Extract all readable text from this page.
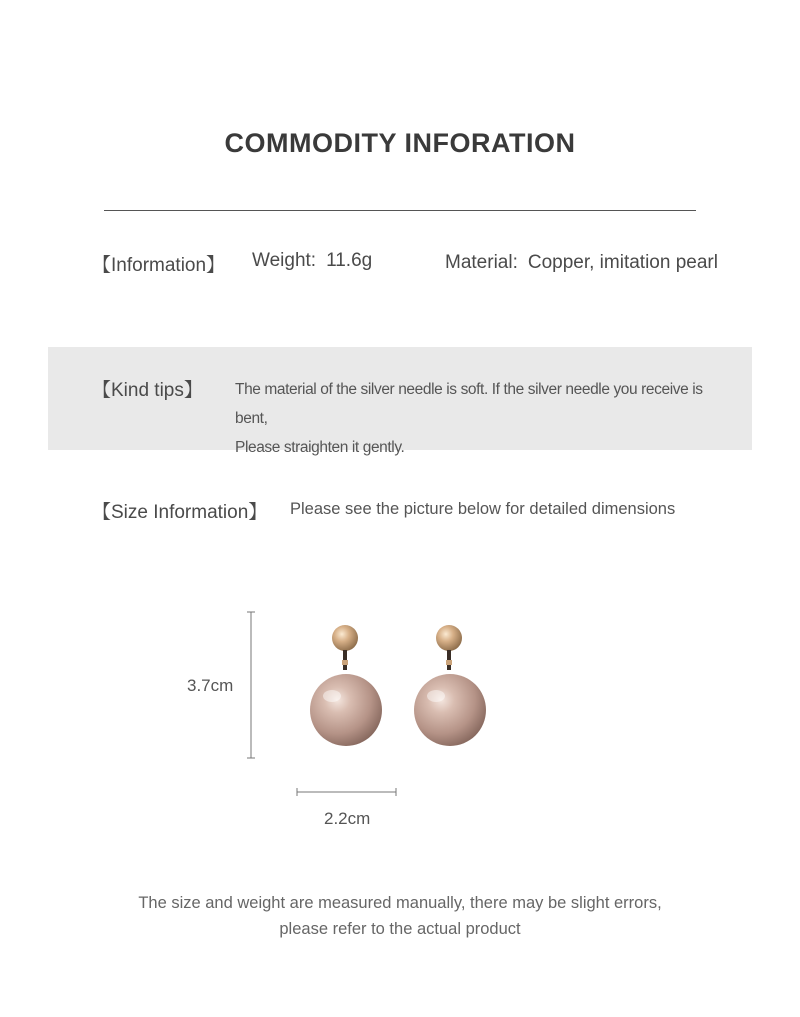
COMMODITY INFORATION
【Information】 Weight: 11.6g	Material: Copper, imitation pearl
【Kind tips】 The material of the silver needle is soft. If the silver needle you receive is bent,
Please straighten it gently.
【Size Information】 Please see the picture below for detailed dimensions
3.7cm
2.2cm
The size and weight are measured manually, there may be slight errors,
please refer to the actual product
